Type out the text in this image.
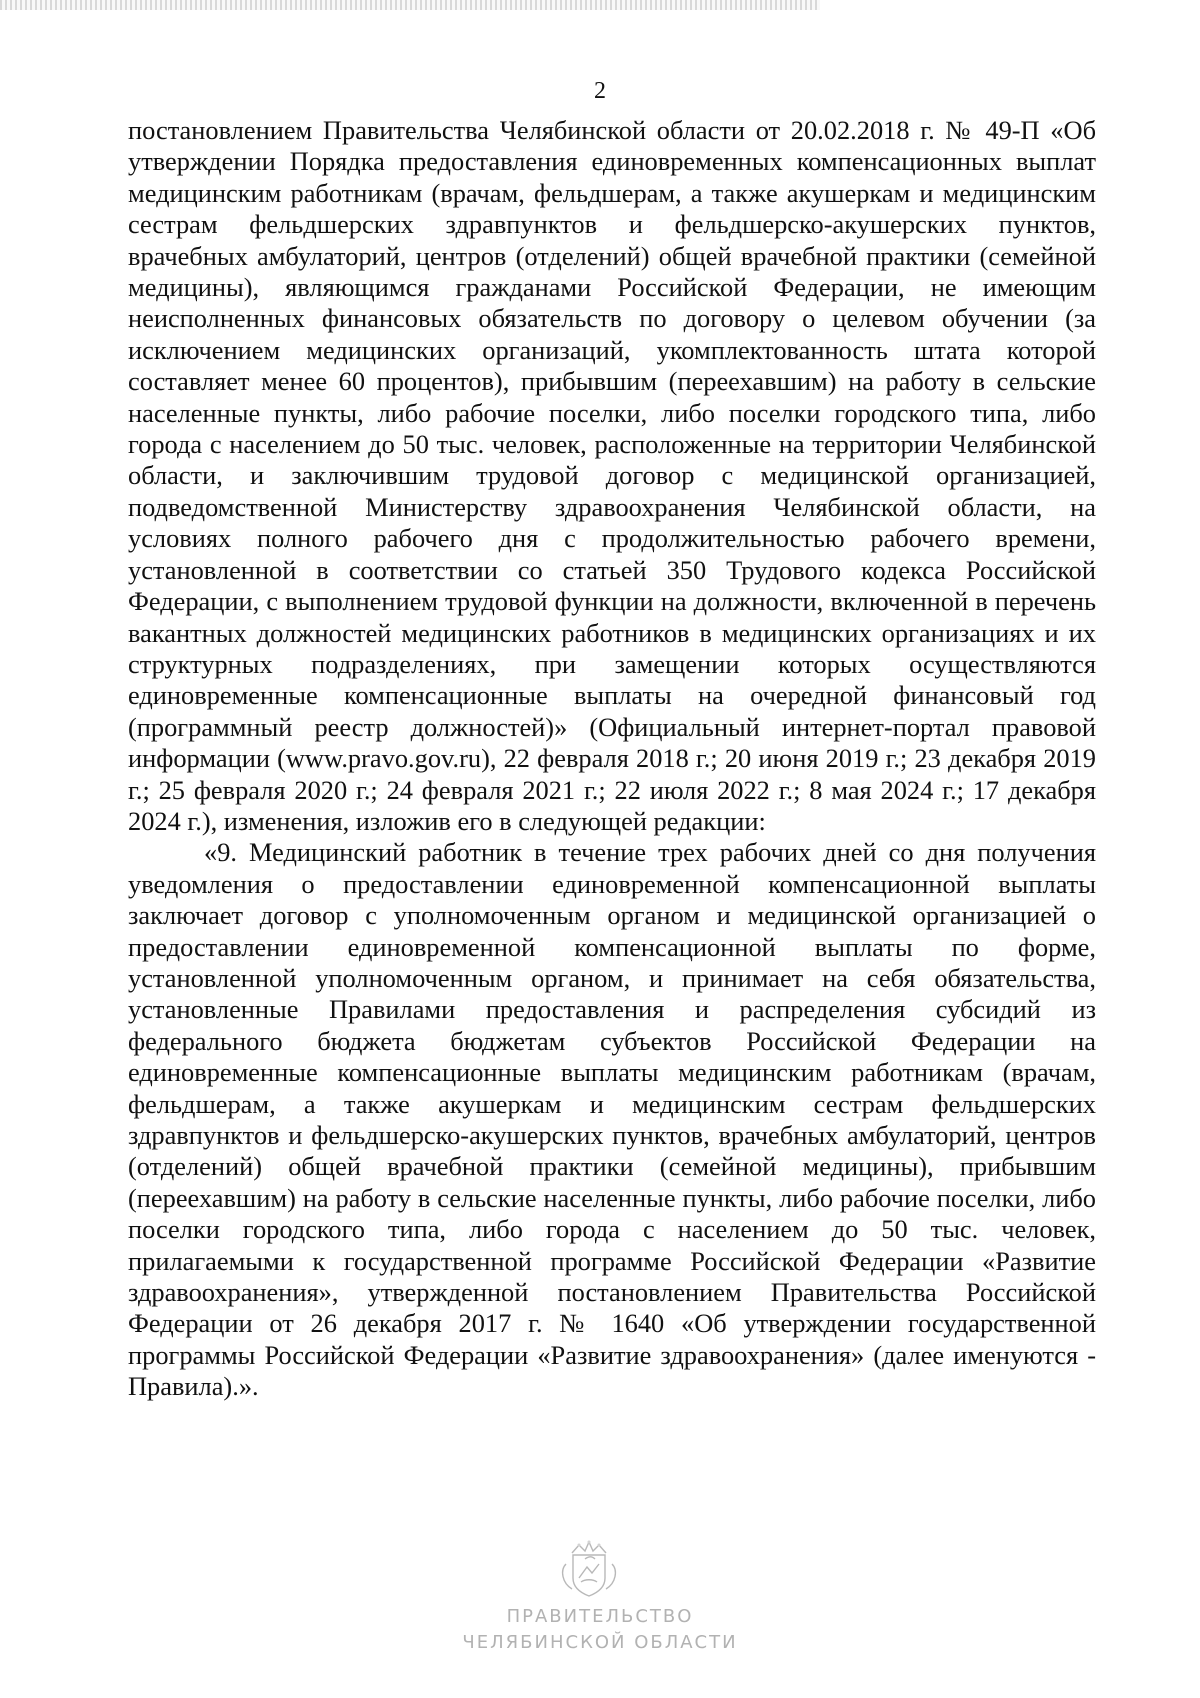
2

постановлением Правительства Челябинской области от 20.02.2018 г. № 49-П «Об утверждении Порядка предоставления единовременных компенсационных выплат медицинским работникам (врачам, фельдшерам, а также акушеркам и медицинским сестрам фельдшерских здравпунктов и фельдшерско-акушерских пунктов, врачебных амбулаторий, центров (отделений) общей врачебной практики (семейной медицины), являющимся гражданами Российской Федерации, не имеющим неисполненных финансовых обязательств по договору о целевом обучении (за исключением медицинских организаций, укомплектованность штата которой составляет менее 60 процентов), прибывшим (переехавшим) на работу в сельские населенные пункты, либо рабочие поселки, либо поселки городского типа, либо города с населением до 50 тыс. человек, расположенные на территории Челябинской области, и заключившим трудовой договор с медицинской организацией, подведомственной Министерству здравоохранения Челябинской области, на условиях полного рабочего дня с продолжительностью рабочего времени, установленной в соответствии со статьей 350 Трудового кодекса Российской Федерации, с выполнением трудовой функции на должности, включенной в перечень вакантных должностей медицинских работников в медицинских организациях и их структурных подразделениях, при замещении которых осуществляются единовременные компенсационные выплаты на очередной финансовый год (программный реестр должностей)» (Официальный интернет-портал правовой информации (www.pravo.gov.ru), 22 февраля 2018 г.; 20 июня 2019 г.; 23 декабря 2019 г.; 25 февраля 2020 г.; 24 февраля 2021 г.; 22 июля 2022 г.; 8 мая 2024 г.; 17 декабря 2024 г.), изменения, изложив его в следующей редакции:

«9. Медицинский работник в течение трех рабочих дней со дня получения уведомления о предоставлении единовременной компенсационной выплаты заключает договор с уполномоченным органом и медицинской организацией о предоставлении единовременной компенсационной выплаты по форме, установленной уполномоченным органом, и принимает на себя обязательства, установленные Правилами предоставления и распределения субсидий из федерального бюджета бюджетам субъектов Российской Федерации на единовременные компенсационные выплаты медицинским работникам (врачам, фельдшерам, а также акушеркам и медицинским сестрам фельдшерских здравпунктов и фельдшерско-акушерских пунктов, врачебных амбулаторий, центров (отделений) общей врачебной практики (семейной медицины), прибывшим (переехавшим) на работу в сельские населенные пункты, либо рабочие поселки, либо поселки городского типа, либо города с населением до 50 тыс. человек, прилагаемыми к государственной программе Российской Федерации «Развитие здравоохранения», утвержденной постановлением Правительства Российской Федерации от 26 декабря 2017 г. № 1640 «Об утверждении государственной программы Российской Федерации «Развитие здравоохранения» (далее именуются - Правила).».

ПРАВИТЕЛЬСТВО
ЧЕЛЯБИНСКОЙ ОБЛАСТИ
